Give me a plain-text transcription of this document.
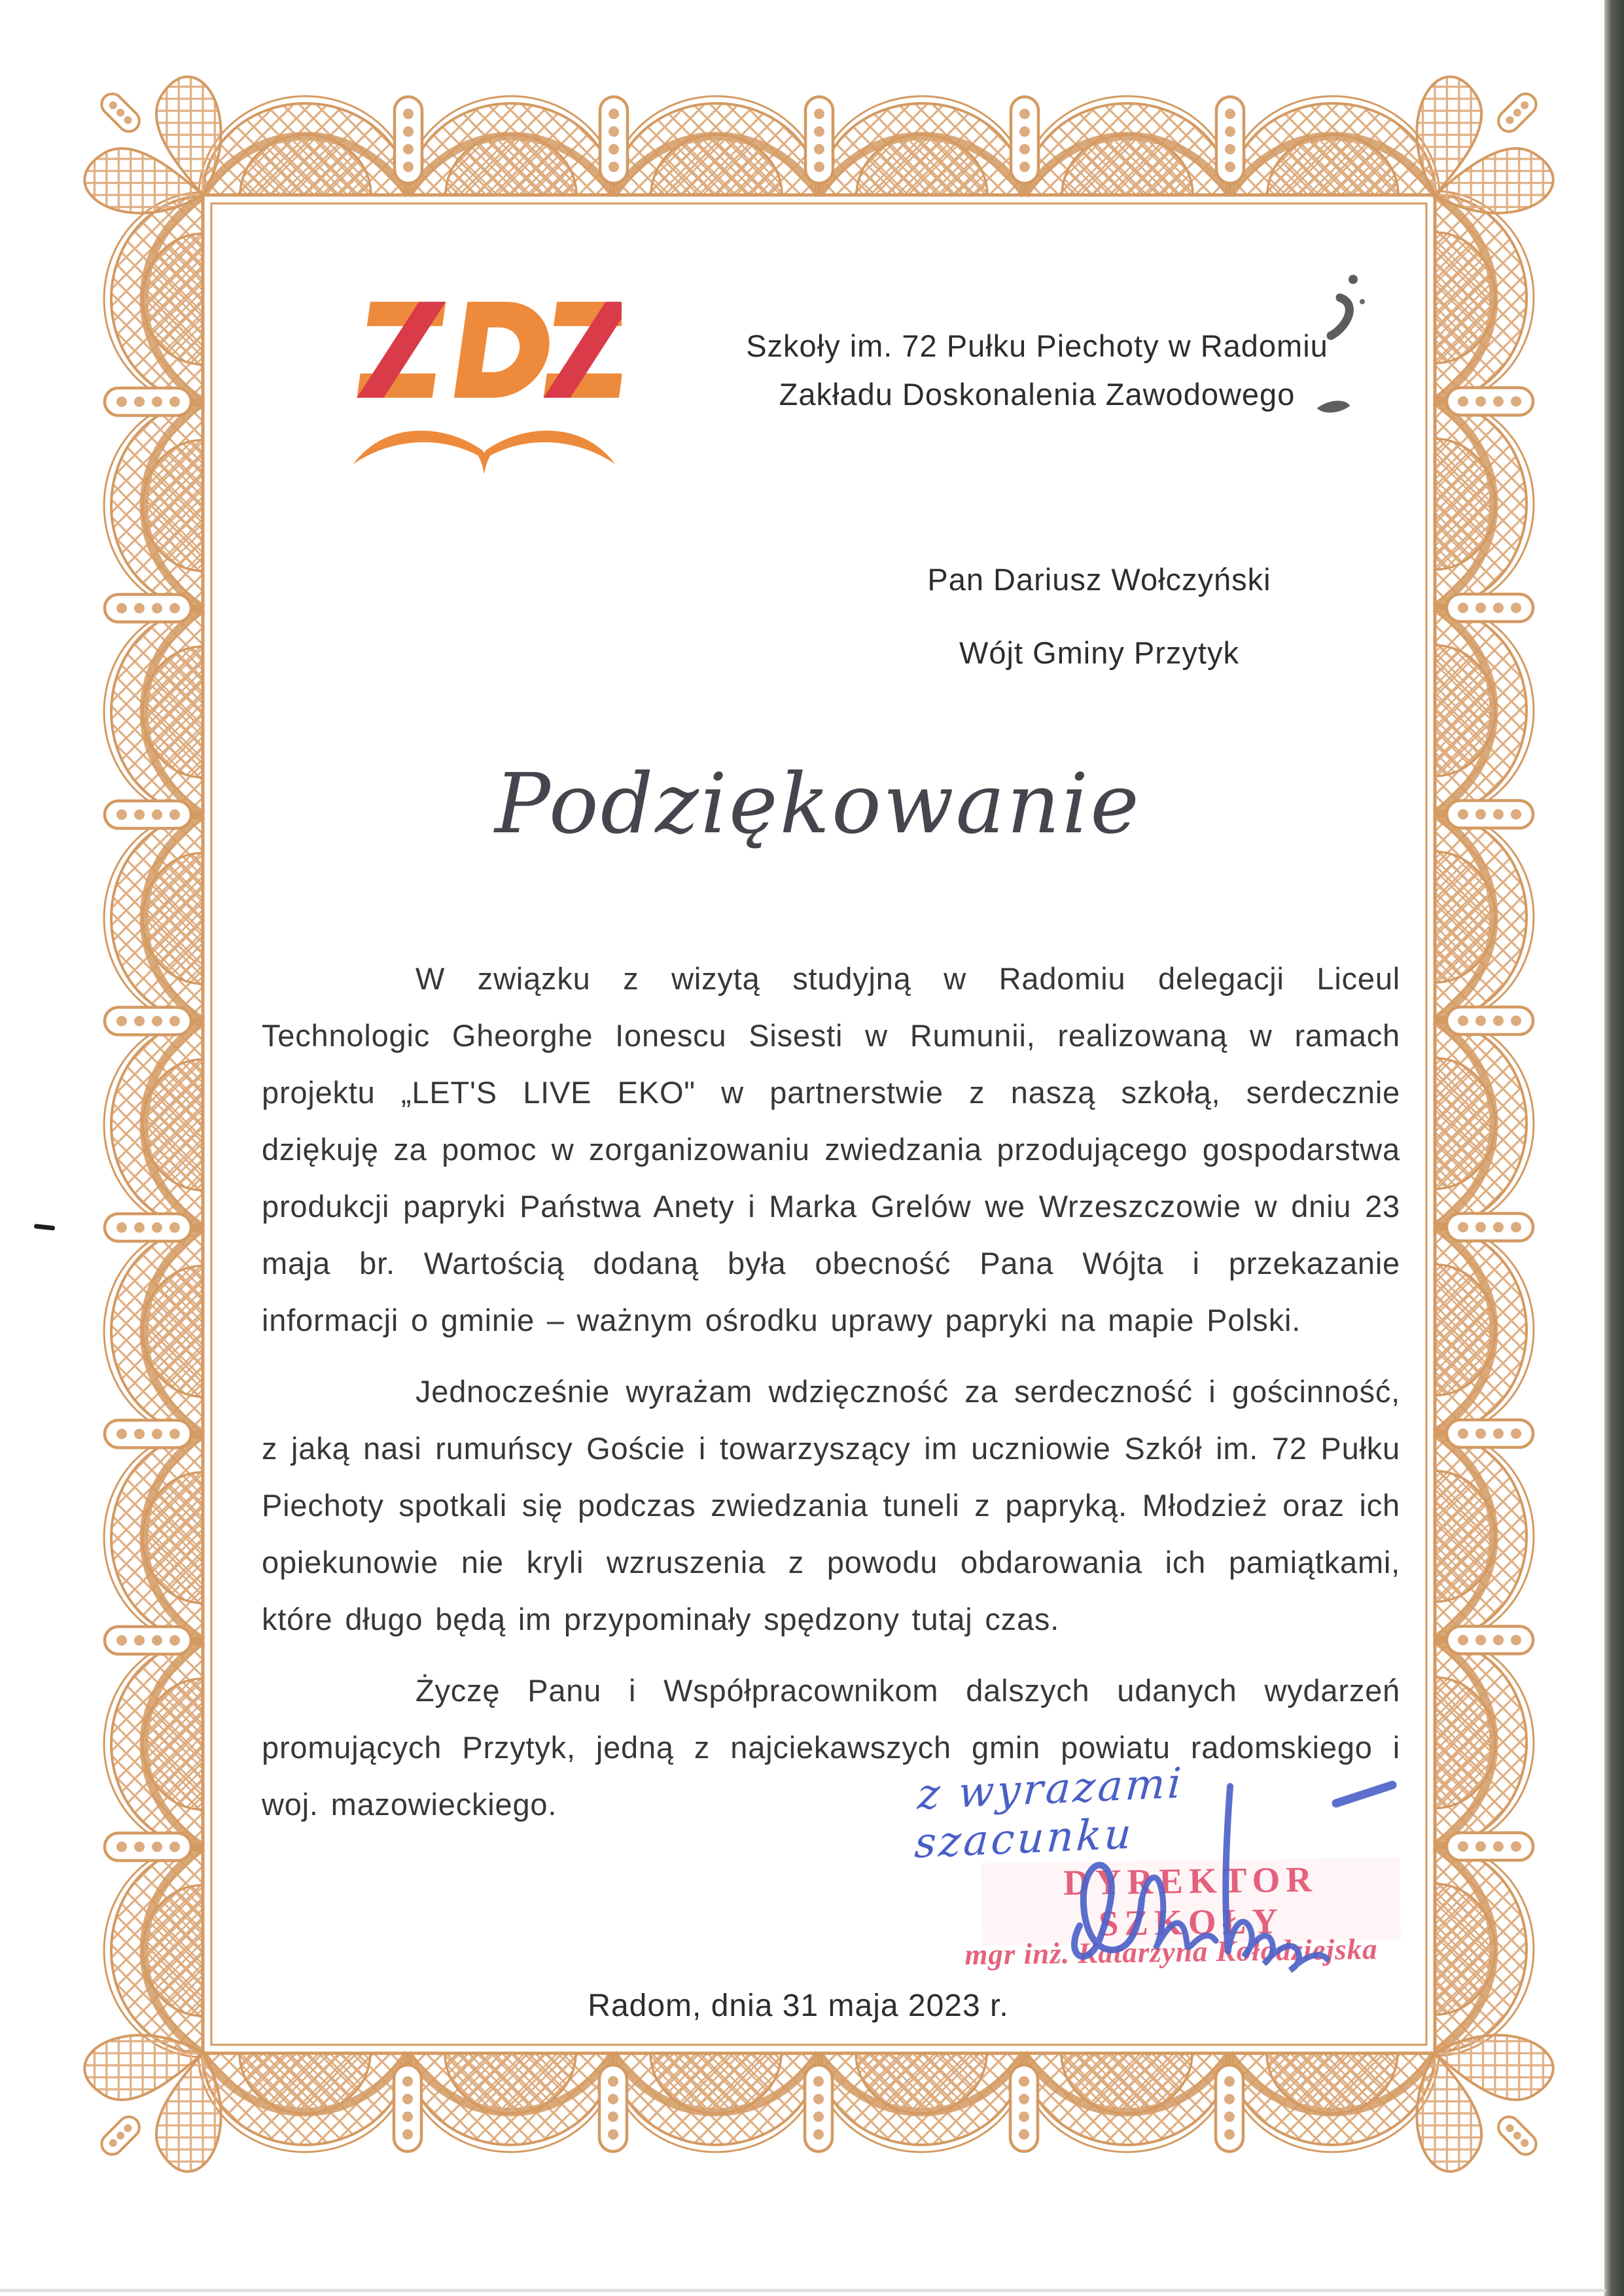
Szkoły im. 72 Pułku Piechoty w Radomiu
Zakładu Doskonalenia Zawodowego
Pan Dariusz Wołczyński
Wójt Gminy Przytyk
Podziękowanie

W związku z wizytą studyjną w Radomiu delegacji Liceul Technologic Gheorghe Ionescu Sisesti w Rumunii, realizowaną w ramach projektu „LET'S LIVE EKO" w partnerstwie z naszą szkołą, serdecznie dziękuję za pomoc w zorganizowaniu zwiedzania przodującego gospodarstwa produkcji papryki Państwa Anety i Marka Grelów we Wrzeszczowie w dniu 23 maja br. Wartością dodaną była obecność Pana Wójta i przekazanie informacji o gminie – ważnym ośrodku uprawy papryki na mapie Polski.

Jednocześnie wyrażam wdzięczność za serdeczność i gościnność, z jaką nasi rumuńscy Goście i towarzyszący im uczniowie Szkół im. 72 Pułku Piechoty spotkali się podczas zwiedzania tuneli z papryką. Młodzież oraz ich opiekunowie nie kryli wzruszenia z powodu obdarowania ich pamiątkami, które długo będą im przypominały spędzony tutaj czas.

Życzę Panu i Współpracownikom dalszych udanych wydarzeń promujących Przytyk, jedną z najciekawszych gmin powiatu radomskiego i woj. mazowieckiego.	z wyrazami szacunku
DYREKTOR SZKOŁY
mgr inż. Katarzyna Kołodziejska
Radom, dnia 31 maja 2023 r.
